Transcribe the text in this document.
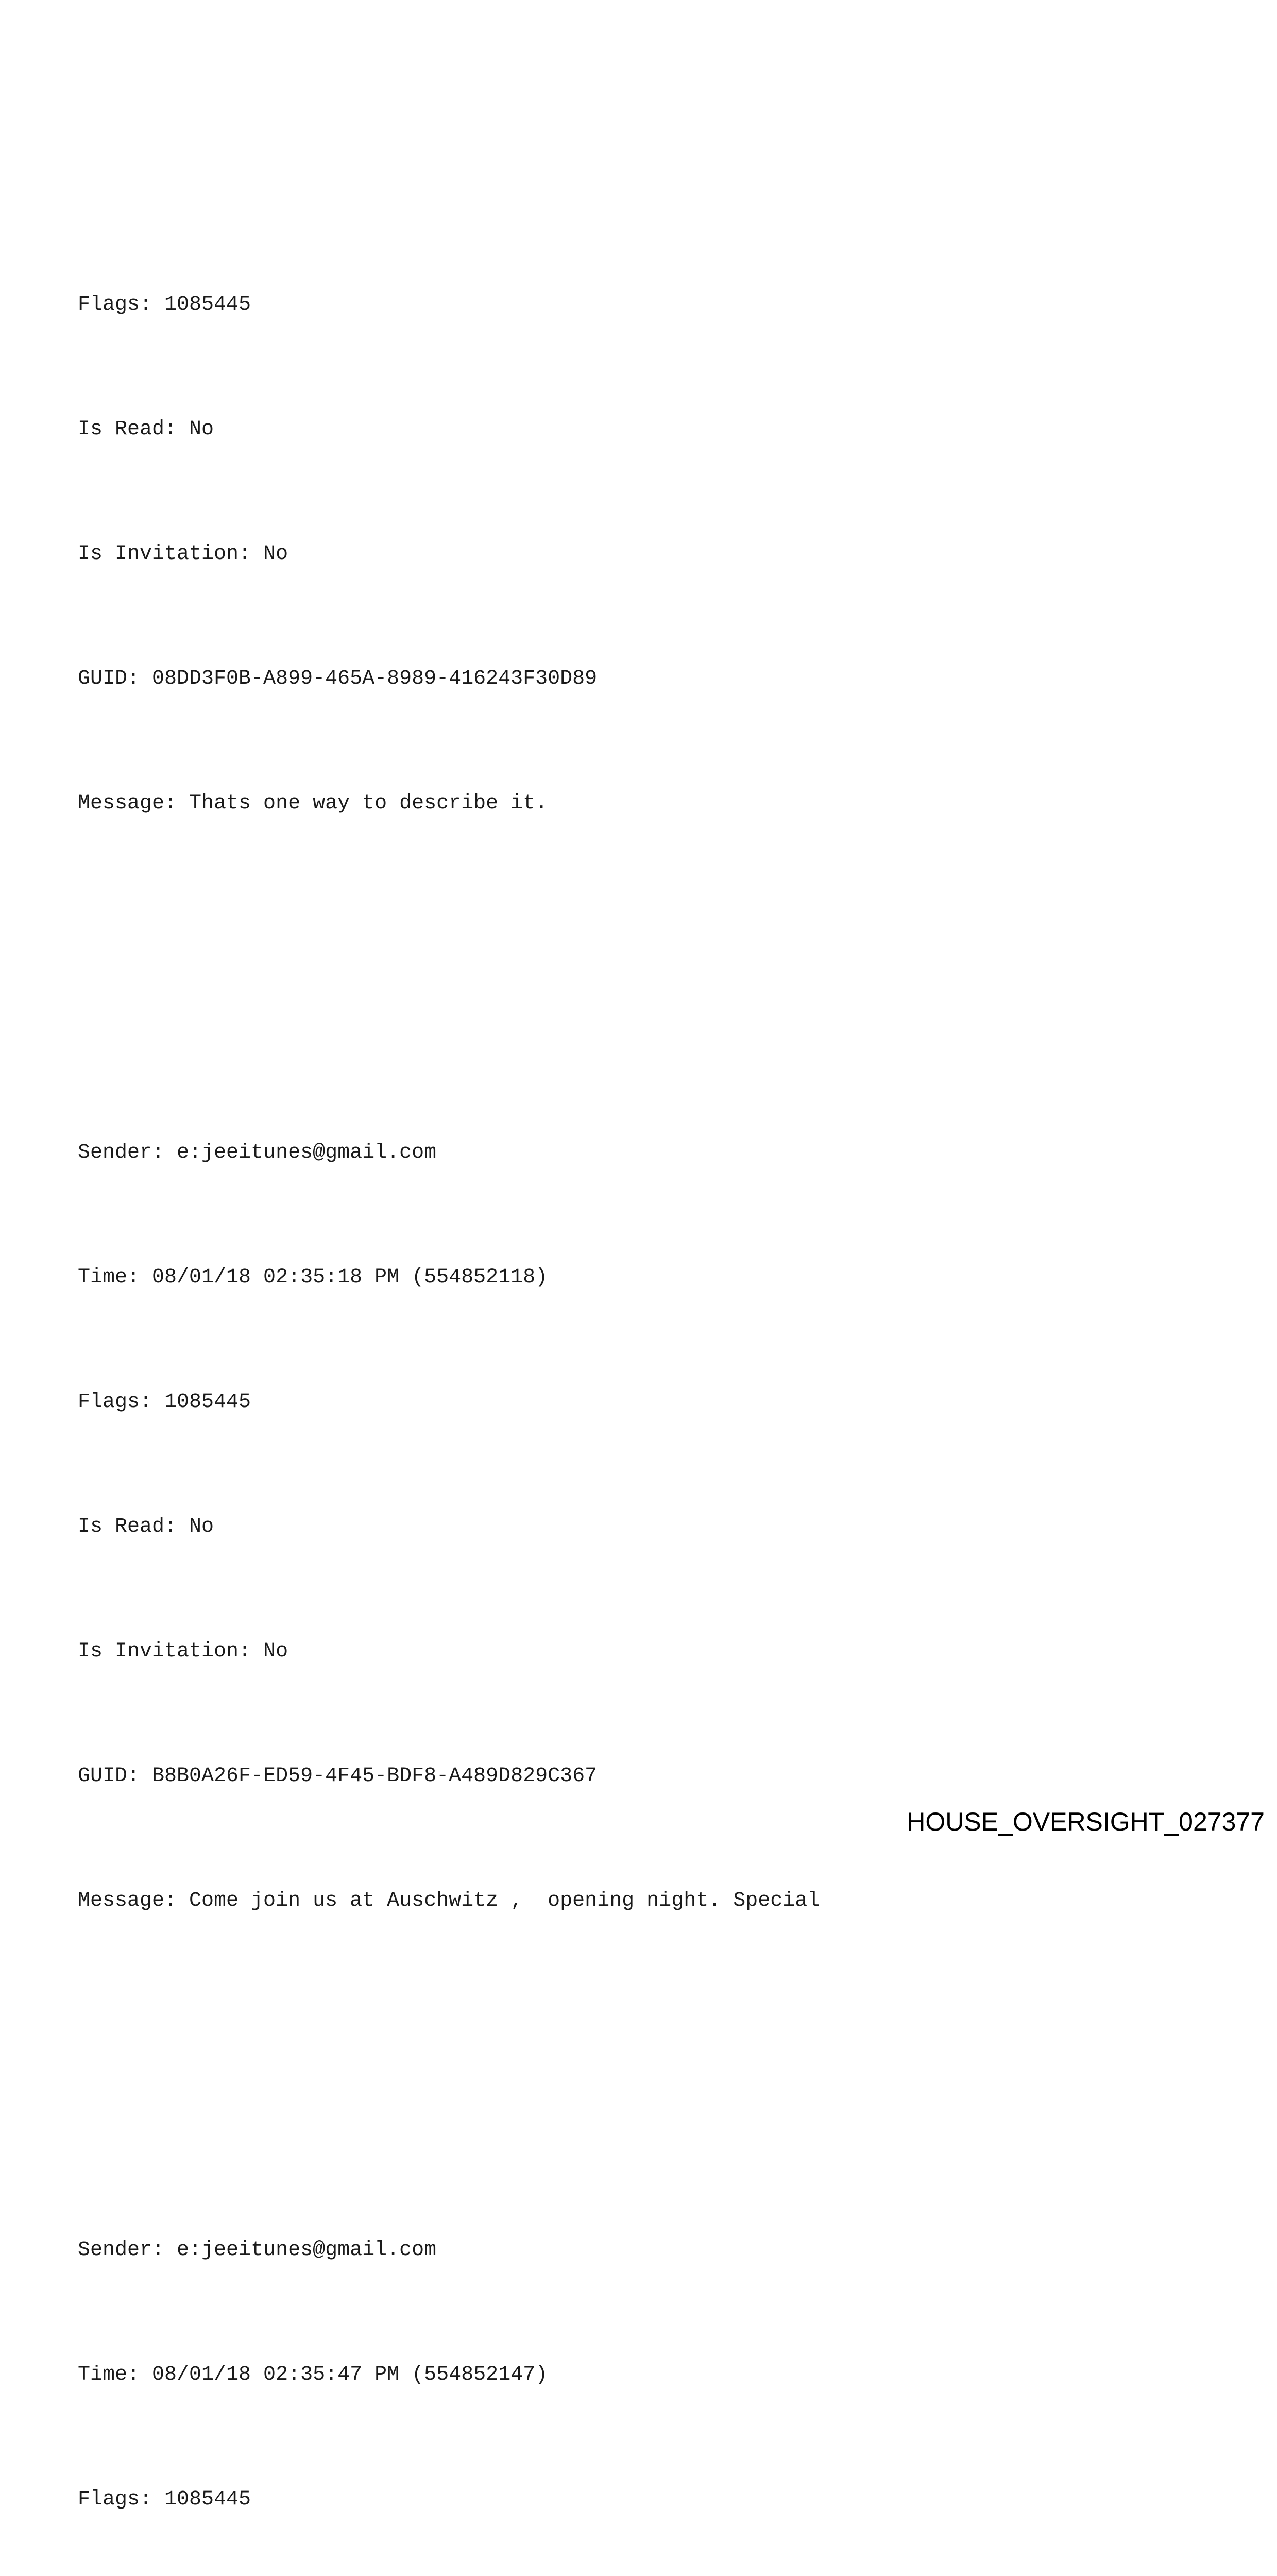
Flags: 1085445

Is Read: No

Is Invitation: No

GUID: 08DD3F0B-A899-465A-8989-416243F30D89

Message: Thats one way to describe it.

Sender: e:jeeitunes@gmail.com

Time: 08/01/18 02:35:18 PM (554852118)

Flags: 1085445

Is Read: No

Is Invitation: No

GUID: B8B0A26F-ED59-4F45-BDF8-A489D829C367

Message: Come join us at Auschwitz ,  opening night. Special

Sender: e:jeeitunes@gmail.com

Time: 08/01/18 02:35:47 PM (554852147)

Flags: 1085445

HOUSE_OVERSIGHT_027377
